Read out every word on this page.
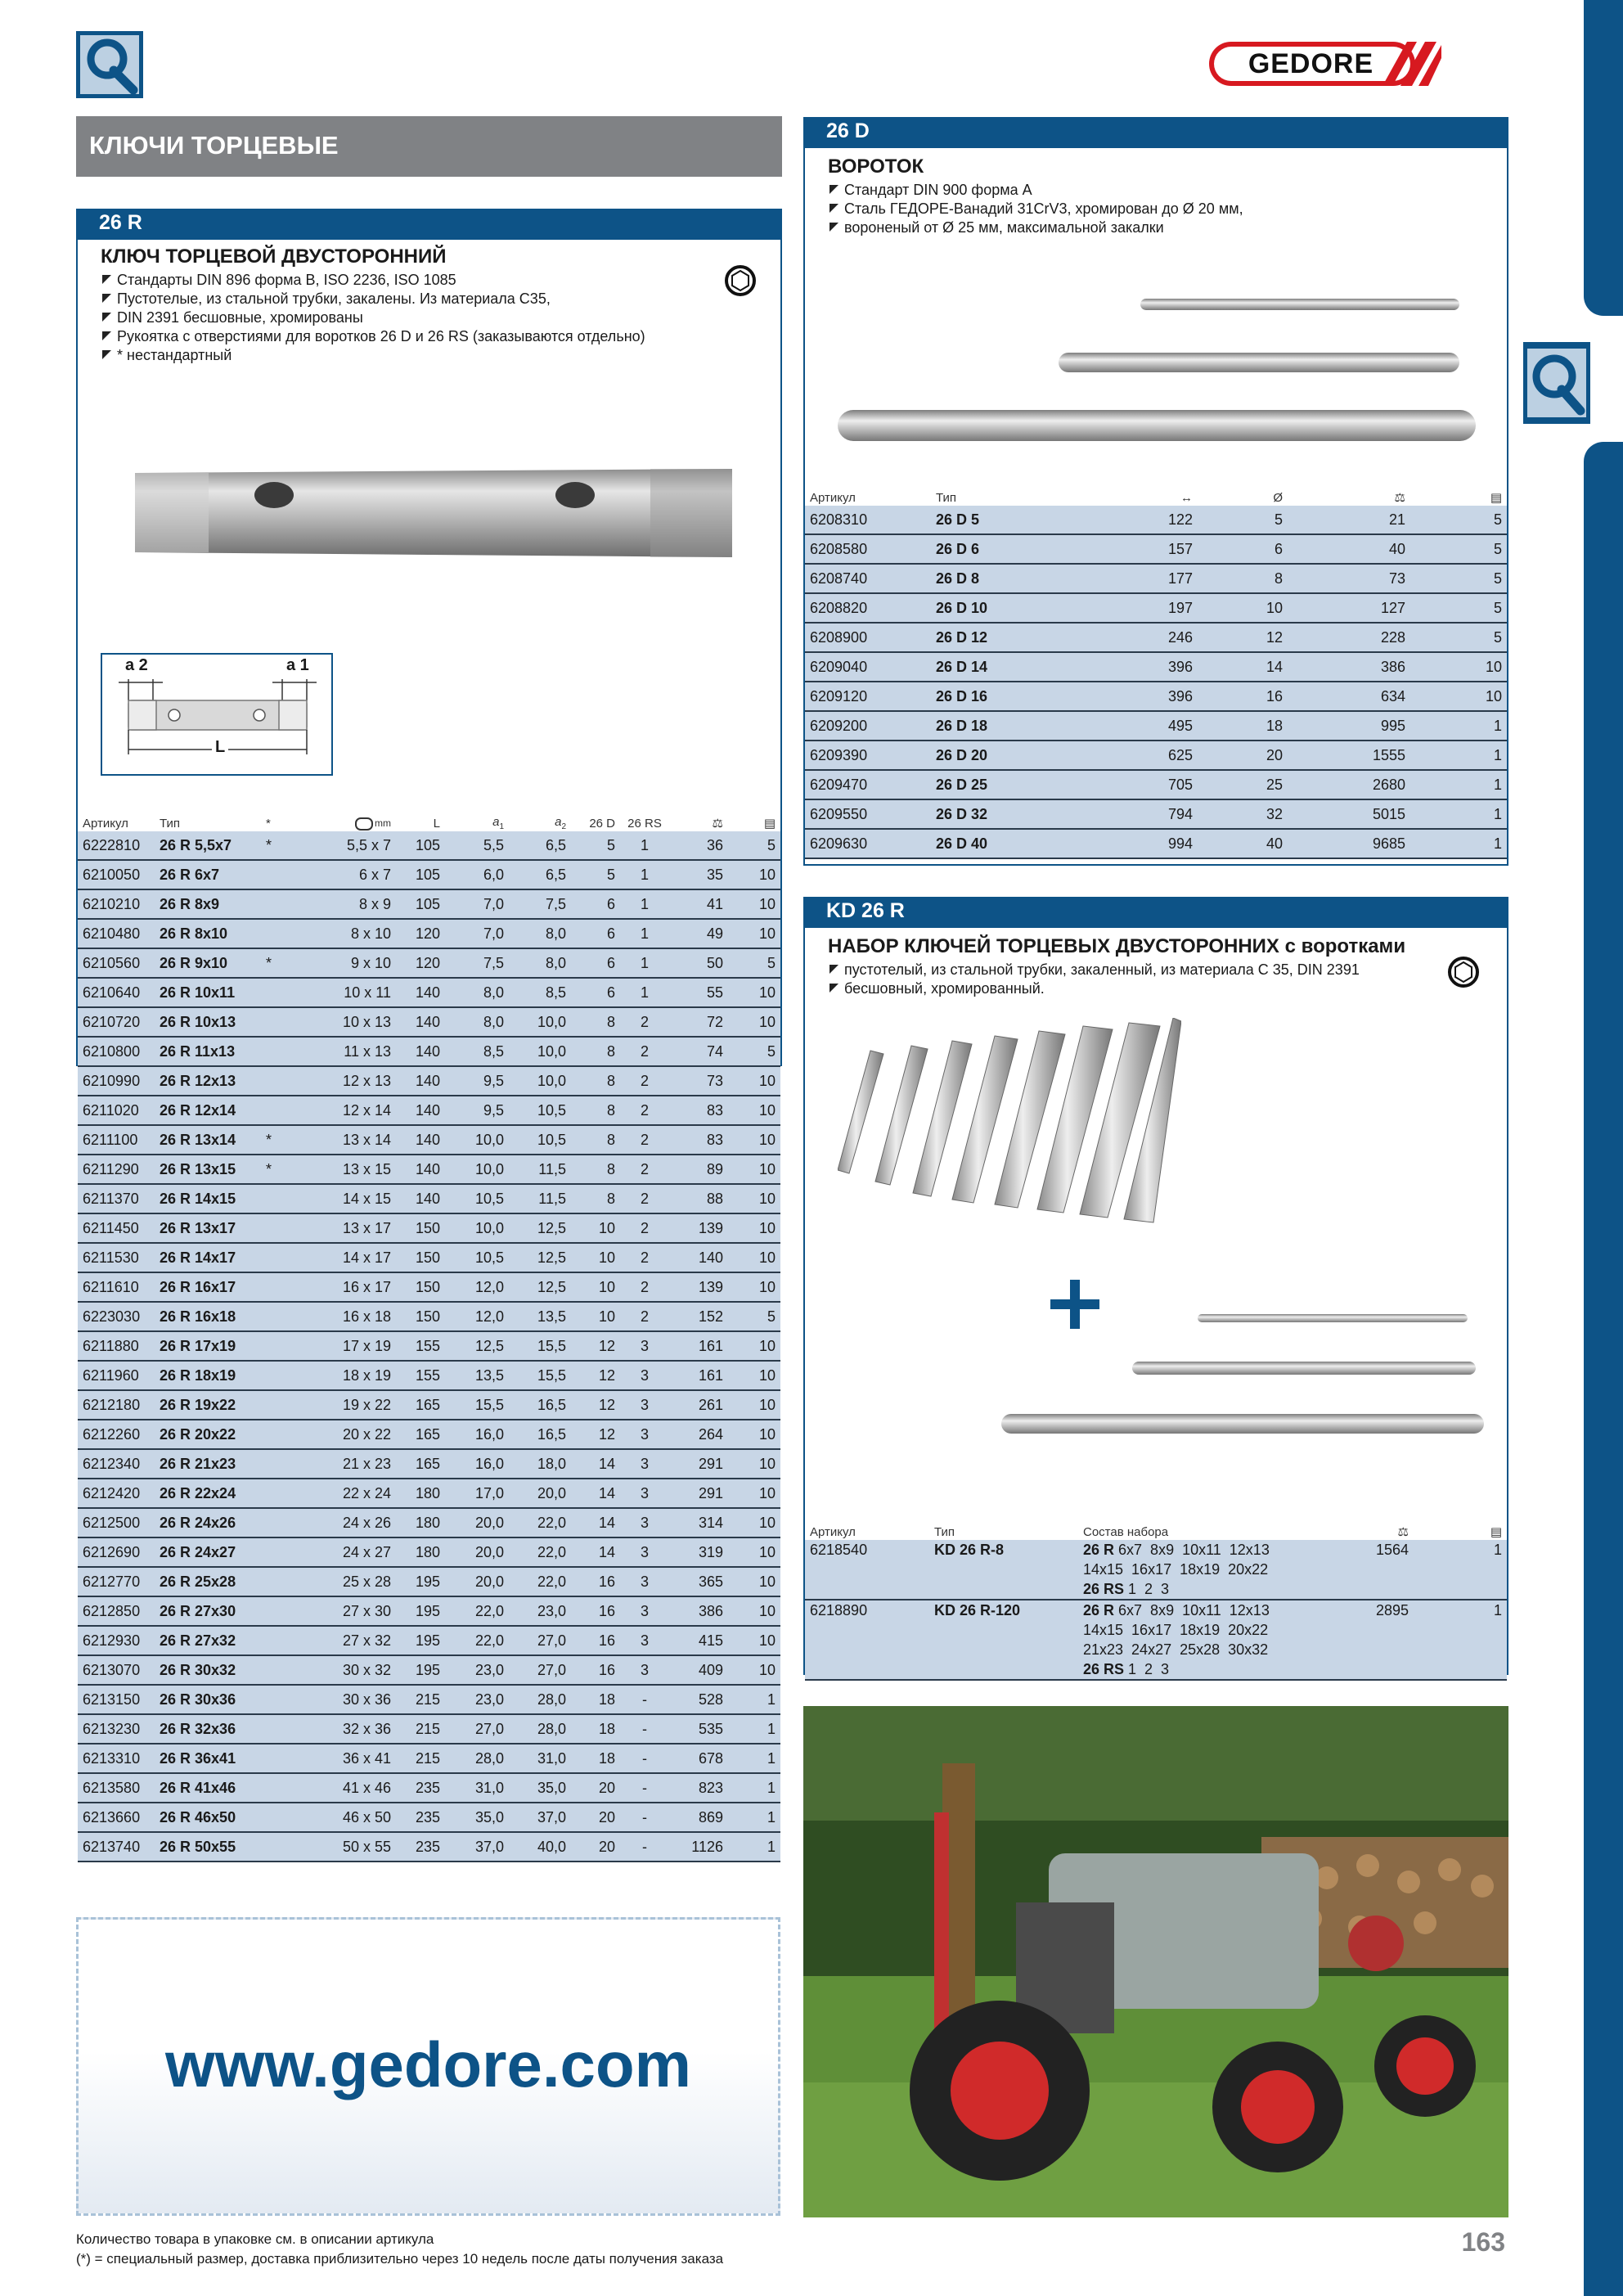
GEDORE
КЛЮЧИ ТОРЦЕВЫЕ
26 R

КЛЮЧ ТОРЦЕВОЙ ДВУСТОРОННИЙ

Стандарты DIN 896 форма B, ISO 2236, ISO 1085
Пустотелые, из стальной трубки, закалены. Из материала C35,
DIN 2391 бесшовные, хромированы
Рукоятка с отверстиями для воротков 26 D и 26 RS (заказываются отдельно)
* нестандартный
a 2	a 1
L
Артикул	Тип	*	mm	L	$a_1$	$a_2$	26 D	26 RS	⚖	▤
6222810	26 R 5,5x7	*	5,5 x 7	105	5,5	6,5	5	1	36	5
6210050	26 R 6x7		6 x 7	105	6,0	6,5	5	1	35	10
6210210	26 R 8x9		8 x 9	105	7,0	7,5	6	1	41	10
6210480	26 R 8x10		8 x 10	120	7,0	8,0	6	1	49	10
6210560	26 R 9x10	*	9 x 10	120	7,5	8,0	6	1	50	5
6210640	26 R 10x11		10 x 11	140	8,0	8,5	6	1	55	10
6210720	26 R 10x13		10 x 13	140	8,0	10,0	8	2	72	10
6210800	26 R 11x13		11 x 13	140	8,5	10,0	8	2	74	5
6210990	26 R 12x13		12 x 13	140	9,5	10,0	8	2	73	10
6211020	26 R 12x14		12 x 14	140	9,5	10,5	8	2	83	10
6211100	26 R 13x14	*	13 x 14	140	10,0	10,5	8	2	83	10
6211290	26 R 13x15	*	13 x 15	140	10,0	11,5	8	2	89	10
6211370	26 R 14x15		14 x 15	140	10,5	11,5	8	2	88	10
6211450	26 R 13x17		13 x 17	150	10,0	12,5	10	2	139	10
6211530	26 R 14x17		14 x 17	150	10,5	12,5	10	2	140	10
6211610	26 R 16x17		16 x 17	150	12,0	12,5	10	2	139	10
6223030	26 R 16x18		16 x 18	150	12,0	13,5	10	2	152	5
6211880	26 R 17x19		17 x 19	155	12,5	15,5	12	3	161	10
6211960	26 R 18x19		18 x 19	155	13,5	15,5	12	3	161	10
6212180	26 R 19x22		19 x 22	165	15,5	16,5	12	3	261	10
6212260	26 R 20x22		20 x 22	165	16,0	16,5	12	3	264	10
6212340	26 R 21x23		21 x 23	165	16,0	18,0	14	3	291	10
6212420	26 R 22x24		22 x 24	180	17,0	20,0	14	3	291	10
6212500	26 R 24x26		24 x 26	180	20,0	22,0	14	3	314	10
6212690	26 R 24x27		24 x 27	180	20,0	22,0	14	3	319	10
6212770	26 R 25x28		25 x 28	195	20,0	22,0	16	3	365	10
6212850	26 R 27x30		27 x 30	195	22,0	23,0	16	3	386	10
6212930	26 R 27x32		27 x 32	195	22,0	27,0	16	3	415	10
6213070	26 R 30x32		30 x 32	195	23,0	27,0	16	3	409	10
6213150	26 R 30x36		30 x 36	215	23,0	28,0	18	-	528	1
6213230	26 R 32x36		32 x 36	215	27,0	28,0	18	-	535	1
6213310	26 R 36x41		36 x 41	215	28,0	31,0	18	-	678	1
6213580	26 R 41x46		41 x 46	235	31,0	35,0	20	-	823	1
6213660	26 R 46x50		46 x 50	235	35,0	37,0	20	-	869	1
6213740	26 R 50x55		50 x 55	235	37,0	40,0	20	-	1126	1
www.gedore.com
26 D

ВОРОТОК

Стандарт DIN 900 форма A
Сталь ГЕДОРЕ-Ванадий 31CrV3, хромирован до Ø 20 мм,
вороненый от Ø 25 мм, максимальной закалки
Артикул	Тип	↔	Ø	⚖	▤
6208310	26 D 5	122	5	21	5
6208580	26 D 6	157	6	40	5
6208740	26 D 8	177	8	73	5
6208820	26 D 10	197	10	127	5
6208900	26 D 12	246	12	228	5
6209040	26 D 14	396	14	386	10
6209120	26 D 16	396	16	634	10
6209200	26 D 18	495	18	995	1
6209390	26 D 20	625	20	1555	1
6209470	26 D 25	705	25	2680	1
6209550	26 D 32	794	32	5015	1
6209630	26 D 40	994	40	9685	1
KD 26 R

НАБОР КЛЮЧЕЙ ТОРЦЕВЫХ ДВУСТОРОННИХ с воротками

пустотелый, из стальной трубки, закаленный, из материала С 35, DIN 2391
бесшовный, хромированный.
Артикул	Тип	Состав набора	⚖	▤
6218540	KD 26 R-8	26 R 6x7  8x9  10x11  12x13
14x15  16x17  18x19  20x22
26 RS 1  2  3	1564	1
6218890	KD 26 R-120	26 R 6x7  8x9  10x11  12x13
14x15  16x17  18x19  20x22
21x23  24x27  25x28  30x32
26 RS 1  2  3	2895	1
Количество товара в упаковке см. в описании артикула
(*) = специальный размер, доставка приблизительно через 10 недель после даты получения заказа
163
